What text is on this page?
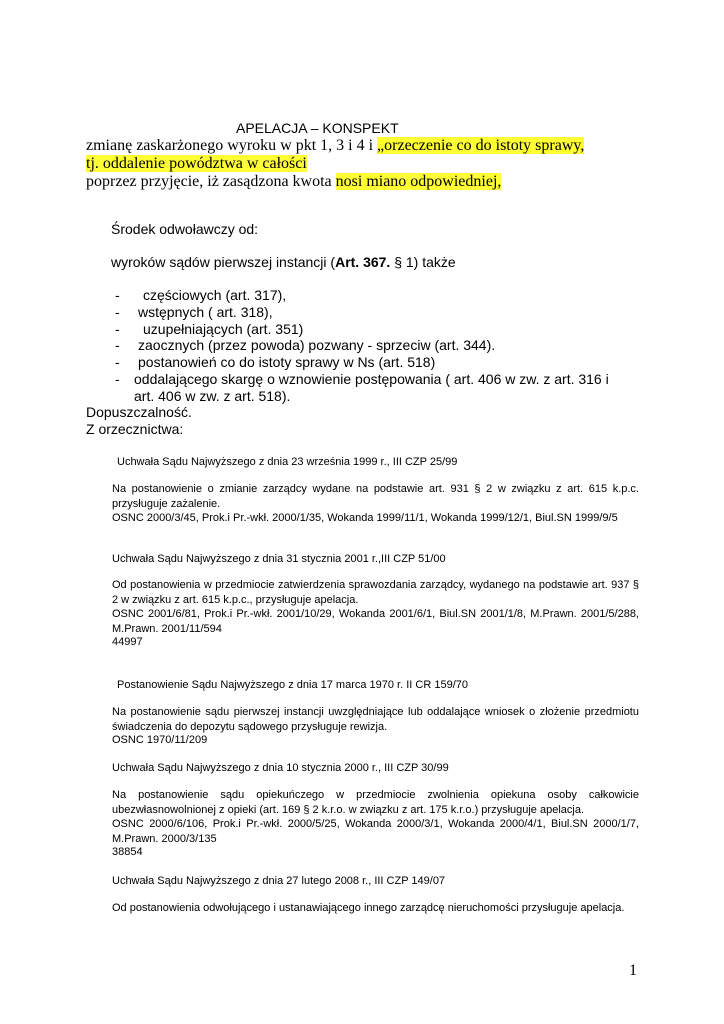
APELACJA – KONSPEKT
zmianę zaskarżonego wyroku w pkt 1, 3 i 4 i „orzeczenie co do istoty sprawy,
tj. oddalenie powództwa w całości
poprzez przyjęcie, iż zasądzona kwota nosi miano odpowiedniej,
Środek odwoławczy od:
wyroków sądów pierwszej instancji (Art. 367. § 1) także
- częściowych (art. 317),
- wstępnych ( art. 318),
- uzupełniających (art. 351)
- zaocznych (przez powoda) pozwany - sprzeciw (art. 344).
- postanowień co do istoty sprawy w Ns (art. 518)
- oddalającego skargę o wznowienie postępowania ( art. 406 w zw. z art. 316 i
art. 406 w zw. z art. 518).
Dopuszczalność.
Z orzecznictwa:
Uchwała Sądu Najwyższego z dnia 23 września 1999 r., III CZP 25/99
Na postanowienie o zmianie zarządcy wydane na podstawie art. 931 § 2 w związku z art. 615 k.p.c. przysługuje zażalenie.
OSNC 2000/3/45, Prok.i Pr.-wkł. 2000/1/35, Wokanda 1999/11/1, Wokanda 1999/12/1, Biul.SN 1999/9/5
Uchwała Sądu Najwyższego z dnia 31 stycznia 2001 r.,III CZP 51/00
Od postanowienia w przedmiocie zatwierdzenia sprawozdania zarządcy, wydanego na podstawie art. 937 § 2 w związku z art. 615 k.p.c., przysługuje apelacja.
OSNC 2001/6/81, Prok.i Pr.-wkł. 2001/10/29, Wokanda 2001/6/1, Biul.SN 2001/1/8, M.Prawn. 2001/5/288, M.Prawn. 2001/11/594
44997
Postanowienie Sądu Najwyższego z dnia 17 marca 1970 r. II CR 159/70
Na postanowienie sądu pierwszej instancji uwzględniające lub oddalające wniosek o złożenie przedmiotu świadczenia do depozytu sądowego przysługuje rewizja.
OSNC 1970/11/209
Uchwała Sądu Najwyższego z dnia 10 stycznia 2000 r., III CZP 30/99
Na postanowienie sądu opiekuńczego w przedmiocie zwolnienia opiekuna osoby całkowicie ubezwłasnowolnionej z opieki (art. 169 § 2 k.r.o. w związku z art. 175 k.r.o.) przysługuje apelacja.
OSNC 2000/6/106, Prok.i Pr.-wkł. 2000/5/25, Wokanda 2000/3/1, Wokanda 2000/4/1, Biul.SN 2000/1/7, M.Prawn. 2000/3/135
38854
Uchwała Sądu Najwyższego z dnia 27 lutego 2008 r., III CZP 149/07
Od postanowienia odwołującego i ustanawiającego innego zarządcę nieruchomości przysługuje apelacja.
1
